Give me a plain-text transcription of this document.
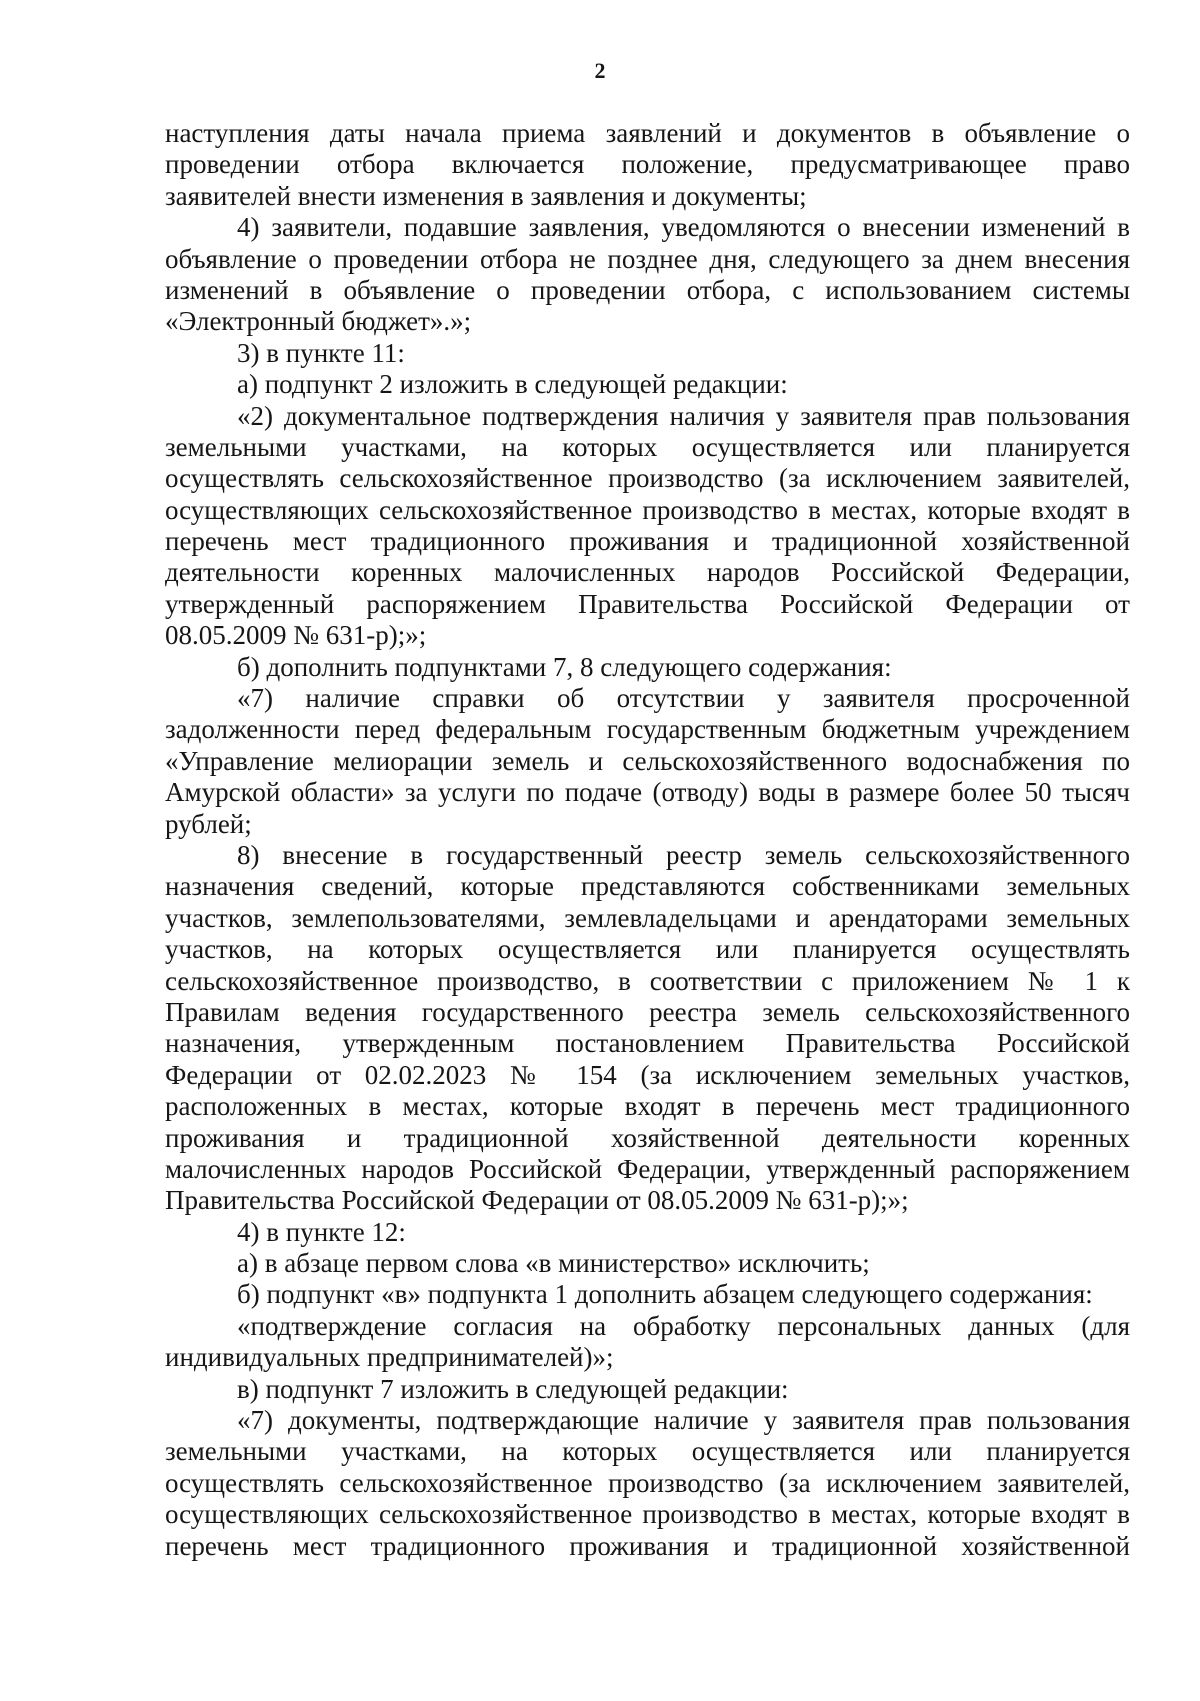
2
наступления даты начала приема заявлений и документов в объявление о
проведении отбора включается положение, предусматривающее право
заявителей внести изменения в заявления и документы;
4) заявители, подавшие заявления, уведомляются о внесении изменений в
объявление о проведении отбора не позднее дня, следующего за днем внесения
изменений в объявление о проведении отбора, с использованием системы
«Электронный бюджет».»;
3) в пункте 11:
а) подпункт 2 изложить в следующей редакции:
«2) документальное подтверждения наличия у заявителя прав пользования
земельными участками, на которых осуществляется или планируется
осуществлять сельскохозяйственное производство (за исключением заявителей,
осуществляющих сельскохозяйственное производство в местах, которые входят в
перечень мест традиционного проживания и традиционной хозяйственной
деятельности коренных малочисленных народов Российской Федерации,
утвержденный распоряжением Правительства Российской Федерации от
08.05.2009 № 631-р);»;
б) дополнить подпунктами 7, 8 следующего содержания:
«7) наличие справки об отсутствии у заявителя просроченной
задолженности перед федеральным государственным бюджетным учреждением
«Управление мелиорации земель и сельскохозяйственного водоснабжения по
Амурской области» за услуги по подаче (отводу) воды в размере более 50 тысяч
рублей;
8) внесение в государственный реестр земель сельскохозяйственного
назначения сведений, которые представляются собственниками земельных
участков, землепользователями, землевладельцами и арендаторами земельных
участков, на которых осуществляется или планируется осуществлять
сельскохозяйственное производство, в соответствии с приложением № 1 к
Правилам ведения государственного реестра земель сельскохозяйственного
назначения, утвержденным постановлением Правительства Российской
Федерации от 02.02.2023 № 154 (за исключением земельных участков,
расположенных в местах, которые входят в перечень мест традиционного
проживания и традиционной хозяйственной деятельности коренных
малочисленных народов Российской Федерации, утвержденный распоряжением
Правительства Российской Федерации от 08.05.2009 № 631-р);»;
4) в пункте 12:
а) в абзаце первом слова «в министерство» исключить;
б) подпункт «в» подпункта 1 дополнить абзацем следующего содержания:
«подтверждение согласия на обработку персональных данных (для
индивидуальных предпринимателей)»;
в) подпункт 7 изложить в следующей редакции:
«7) документы, подтверждающие наличие у заявителя прав пользования
земельными участками, на которых осуществляется или планируется
осуществлять сельскохозяйственное производство (за исключением заявителей,
осуществляющих сельскохозяйственное производство в местах, которые входят в
перечень мест традиционного проживания и традиционной хозяйственной
